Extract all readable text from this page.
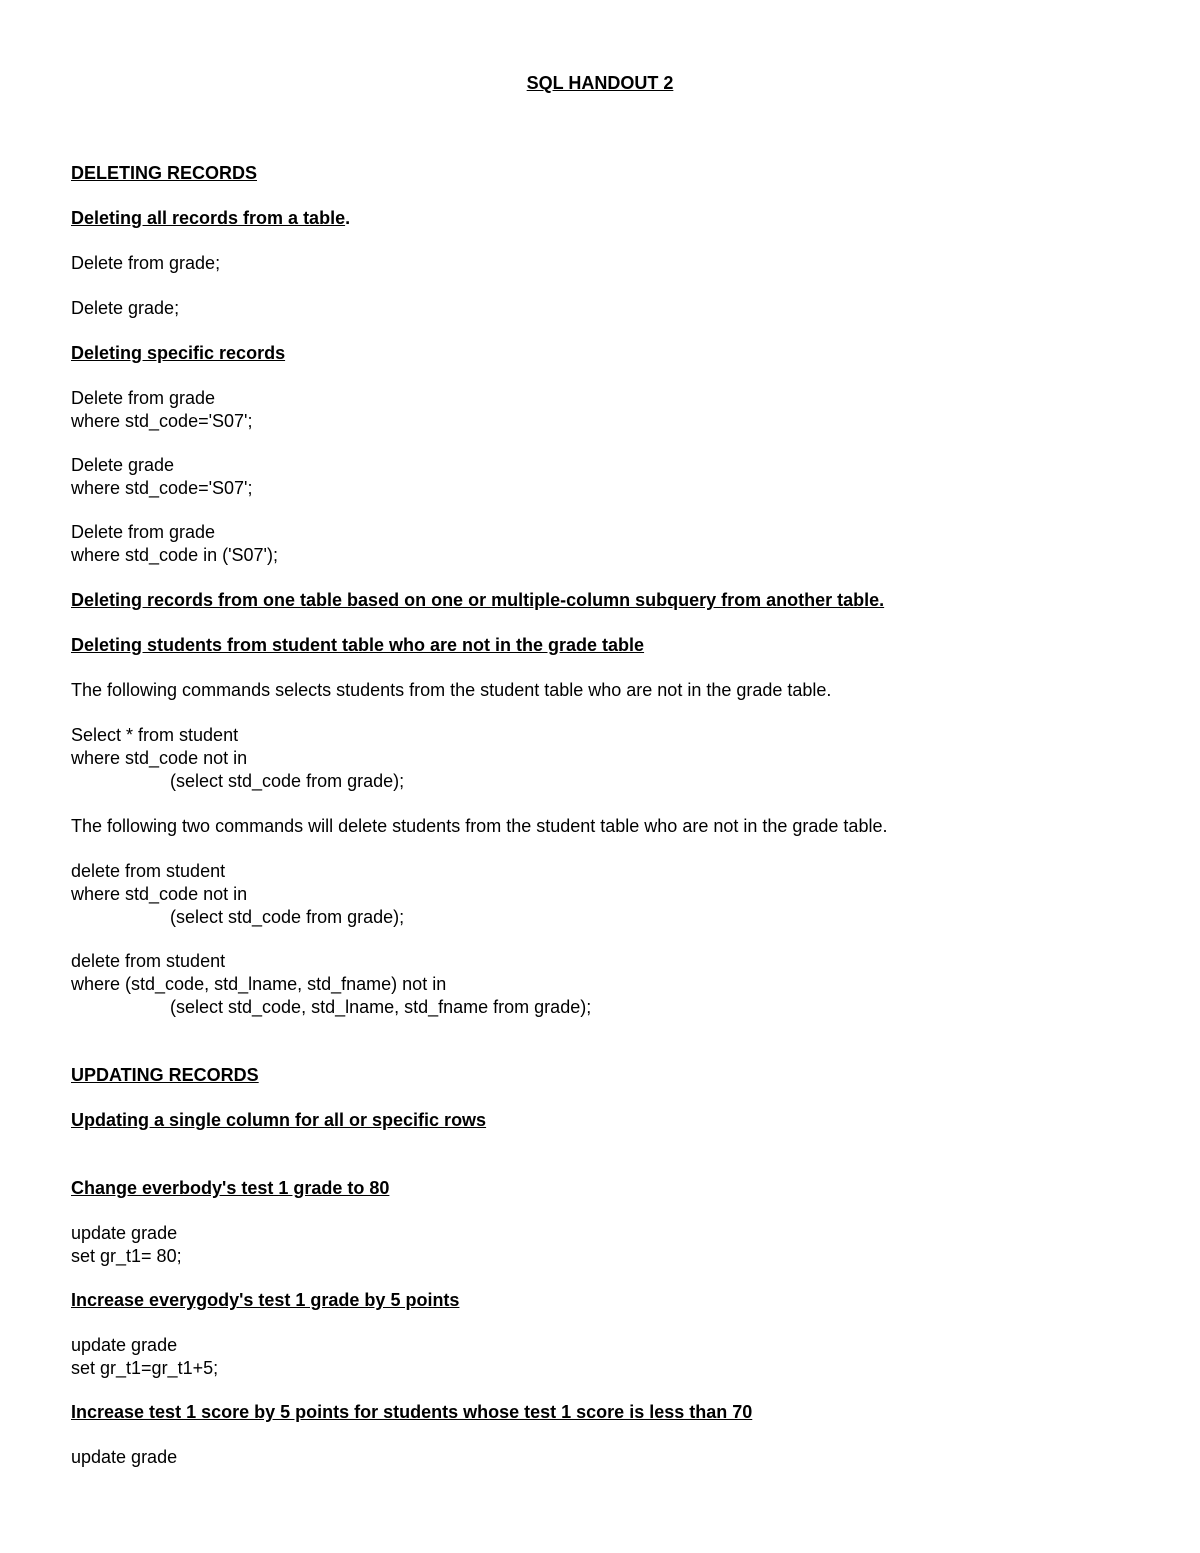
SQL HANDOUT 2
DELETING RECORDS
Deleting all records from a table.
Delete from grade;
Delete grade;
Deleting specific records
Delete from grade
where std_code='S07';
Delete grade
where std_code='S07';
Delete from grade
where std_code in ('S07');
Deleting records from one table based on one or multiple-column subquery from another table.
Deleting students from student table who are not in the grade table
The following commands selects students from the student table who are not in the grade table.
Select * from student
where std_code not in
(select std_code from grade);
The following two commands will delete students from the student table who are not in the grade table.
delete from student
where std_code not in
(select std_code from grade);
delete from student
where (std_code, std_lname, std_fname) not in
(select std_code, std_lname, std_fname from grade);
UPDATING RECORDS
Updating a single column for all or specific rows
Change everbody's test 1 grade to 80
update grade
set gr_t1= 80;
Increase everygody's test 1 grade by 5 points
update grade
set gr_t1=gr_t1+5;
Increase test 1 score by 5 points for students whose test 1 score is less than 70
update grade
